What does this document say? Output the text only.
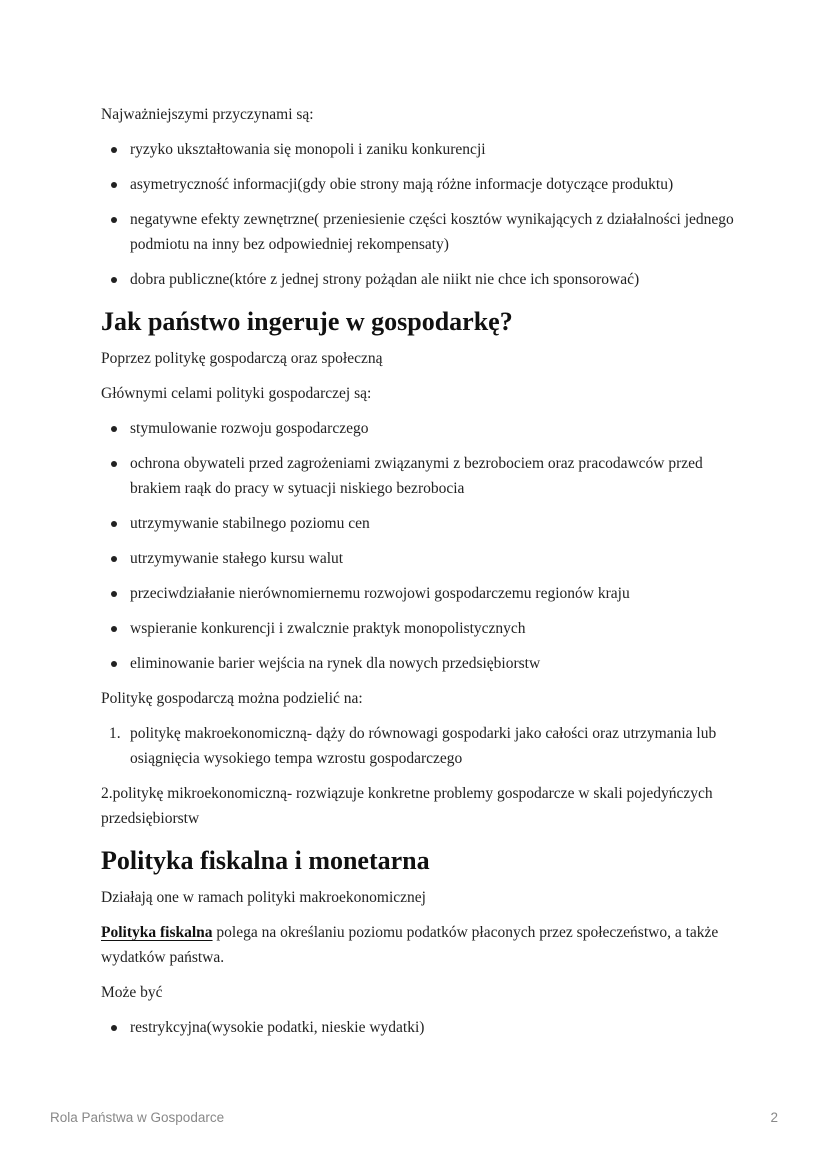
Najważniejszymi przyczynami są:

ryzyko ukształtowania się monopoli i zaniku konkurencji
asymetryczność informacji(gdy obie strony mają różne informacje dotyczące produktu)
negatywne efekty zewnętrzne( przeniesienie części kosztów wynikających z działalności jednego podmiotu na inny bez odpowiedniej rekompensaty)
dobra publiczne(które z jednej strony pożądan ale niikt nie chce ich sponsorować)
Jak państwo ingeruje w gospodarkę?

Poprzez politykę gospodarczą oraz społeczną

Głównymi celami polityki gospodarczej są:

stymulowanie rozwoju gospodarczego
ochrona obywateli przed zagrożeniami związanymi z bezrobociem oraz pracodawców przed brakiem raąk do pracy w sytuacji niskiego bezrobocia
utrzymywanie stabilnego poziomu cen
utrzymywanie stałego kursu walut
przeciwdziałanie nierównomiernemu rozwojowi gospodarczemu regionów kraju
wspieranie konkurencji i zwalcznie praktyk monopolistycznych
eliminowanie barier wejścia na rynek dla nowych przedsiębiorstw

Politykę gospodarczą można podzielić na:

1. politykę makroekonomiczną- dąży do równowagi gospodarki jako całości oraz utrzymania lub osiągnięcia wysokiego tempa wzrostu gospodarczego

2.politykę mikroekonomiczną- rozwiązuje konkretne problemy gospodarcze w skali pojedyńczych przedsiębiorstw

Polityka fiskalna i monetarna

Działają one w ramach polityki makroekonomicznej

Polityka fiskalna polega na określaniu poziomu podatków płaconych przez społeczeństwo, a także wydatków państwa.

Może być

restrykcyjna(wysokie podatki, nieskie wydatki)
Rola Państwa w Gospodarce	2
